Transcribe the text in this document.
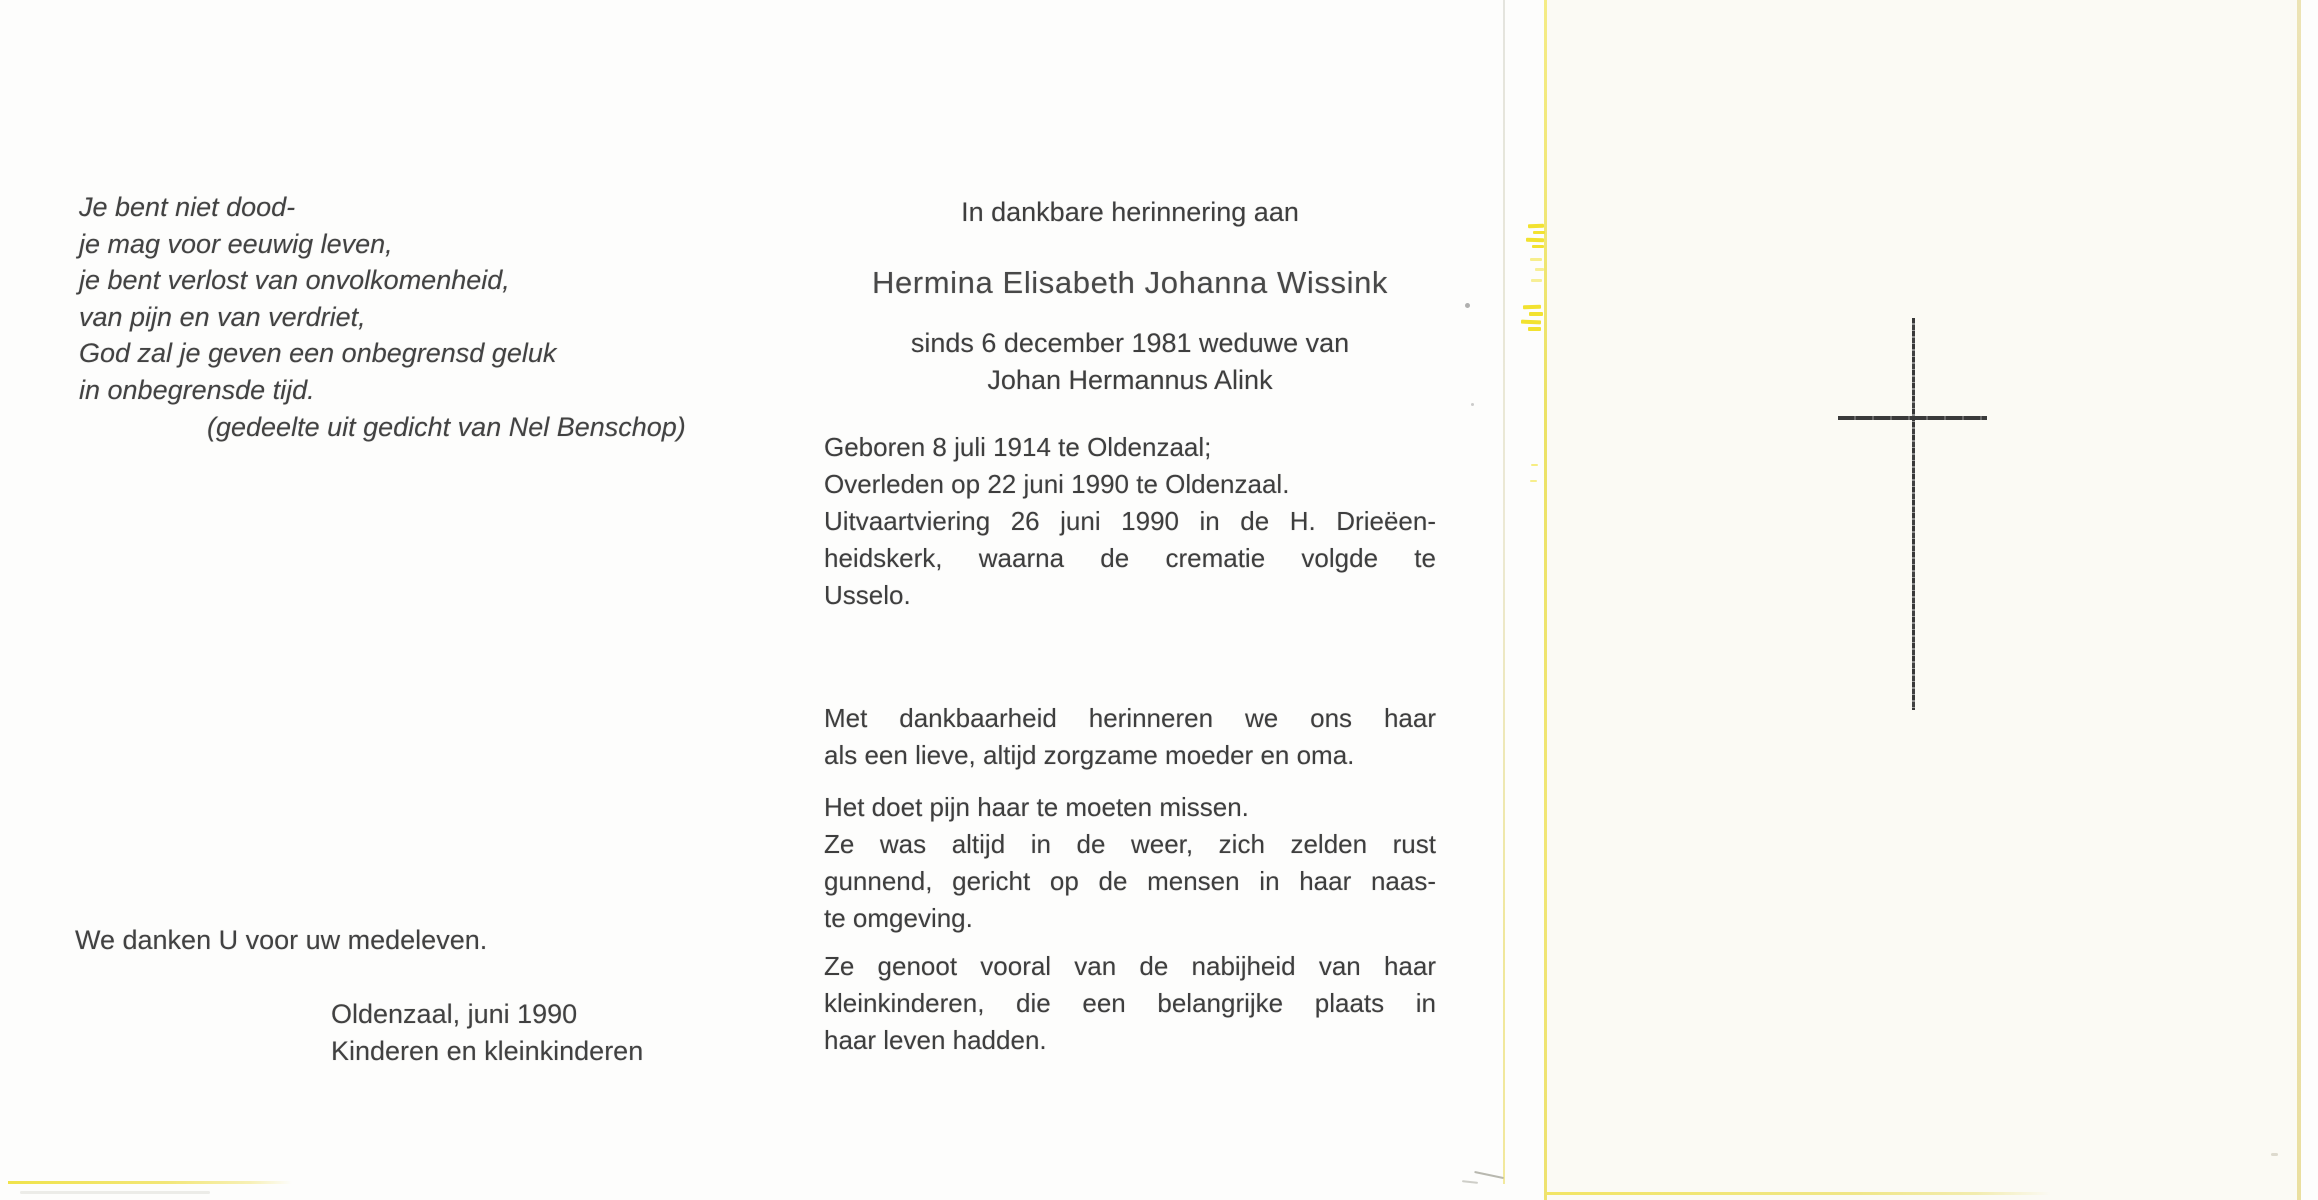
Je bent niet dood-
je mag voor eeuwig leven,
je bent verlost van onvolkomenheid,
van pijn en van verdriet,
God zal je geven een onbegrensd geluk
in onbegrensde tijd.
(gedeelte uit gedicht van Nel Benschop)
We danken U voor uw medeleven.
Oldenzaal, juni 1990
Kinderen en kleinkinderen
In dankbare herinnering aan
Hermina Elisabeth Johanna Wissink
sinds 6 december 1981 weduwe van
Johan Hermannus Alink
Geboren 8 juli 1914 te Oldenzaal;
Overleden op 22 juni 1990 te Oldenzaal.
Uitvaartviering 26 juni 1990 in de H. Drieëen-
heidskerk, waarna de crematie volgde te
Usselo.
Met dankbaarheid herinneren we ons haar
als een lieve, altijd zorgzame moeder en oma.
Het doet pijn haar te moeten missen.
Ze was altijd in de weer, zich zelden rust
gunnend, gericht op de mensen in haar naas-
te omgeving.
Ze genoot vooral van de nabijheid van haar
kleinkinderen, die een belangrijke plaats in
haar leven hadden.
